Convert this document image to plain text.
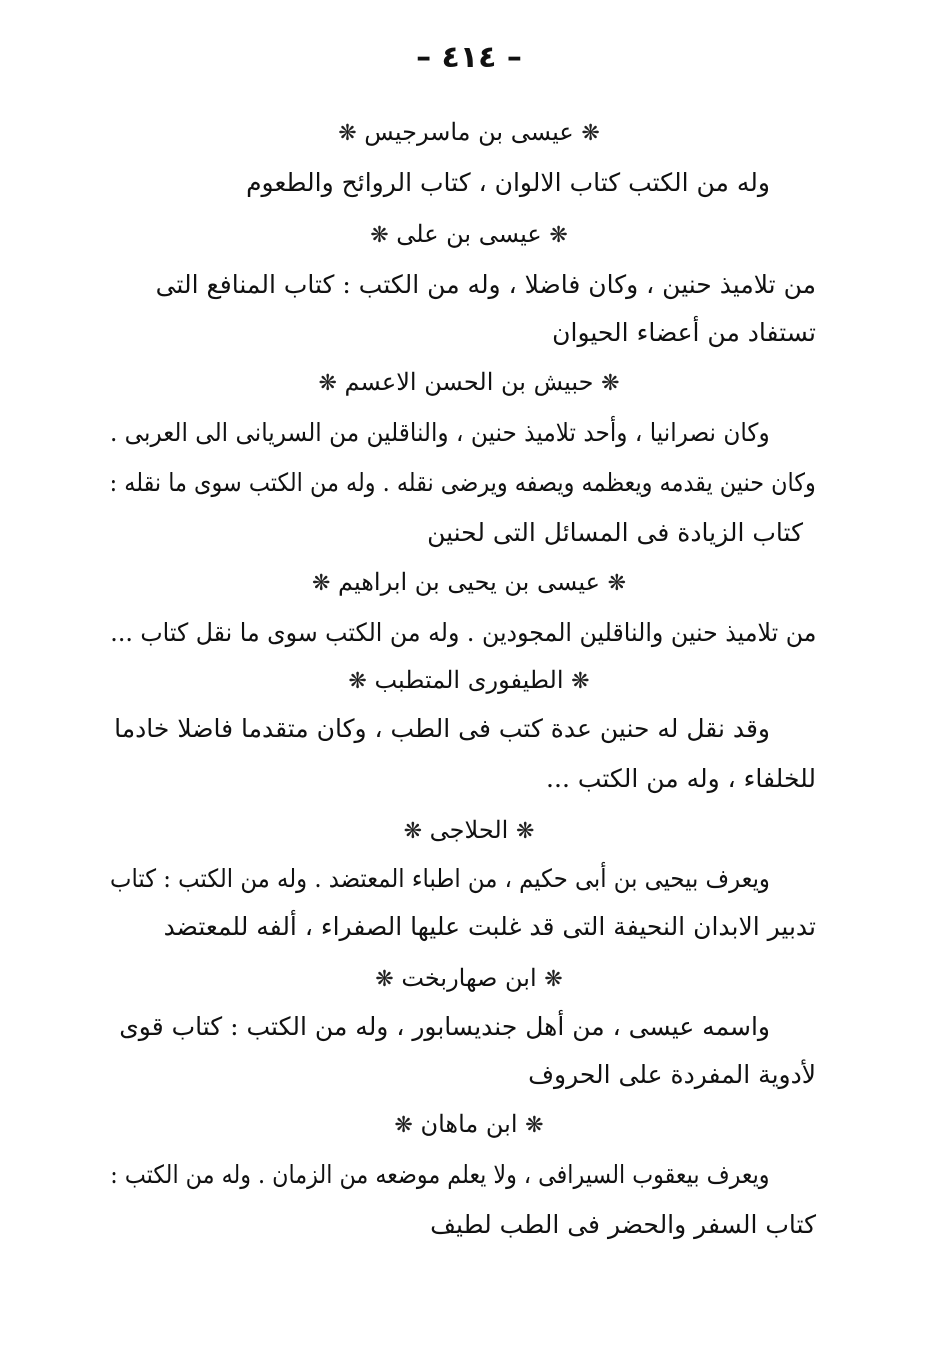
– ٤١٤ –
❋ عيسى بن ماسرجيس ❋
وله من الكتب كتاب الالوان ، كتاب الروائح والطعوم
❋ عيسى بن على ❋
من تلاميذ حنين ، وكان فاضلا ، وله من الكتب : كتاب المنافع التى
تستفاد من أعضاء الحيوان
❋ حبيش بن الحسن الاعسم ❋
وكان نصرانيا ، وأحد تلاميذ حنين ، والناقلين من السريانى الى العربى .
وكان حنين يقدمه ويعظمه ويصفه ويرضى نقله . وله من الكتب سوى ما نقله :
كتاب الزيادة فى المسائل التى لحنين
❋ عيسى بن يحيى بن ابراهيم ❋
من تلاميذ حنين والناقلين المجودين . وله من الكتب سوى ما نقل كتاب ...
❋ الطيفورى المتطبب ❋
وقد نقل له حنين عدة كتب فى الطب ، وكان متقدما فاضلا خادما
للخلفاء ، وله من الكتب ...
❋ الحلاجى ❋
ويعرف بيحيى بن أبى حكيم ، من اطباء المعتضد . وله من الكتب : كتاب
تدبير الابدان النحيفة التى قد غلبت عليها الصفراء ، ألفه للمعتضد
❋ ابن صهاربخت ❋
واسمه عيسى ، من أهل جنديسابور ، وله من الكتب : كتاب قوى
لأدوية المفردة على الحروف
❋ ابن ماهان ❋
ويعرف بيعقوب السيرافى ، ولا يعلم موضعه من الزمان . وله من الكتب :
كتاب السفر والحضر فى الطب لطيف
